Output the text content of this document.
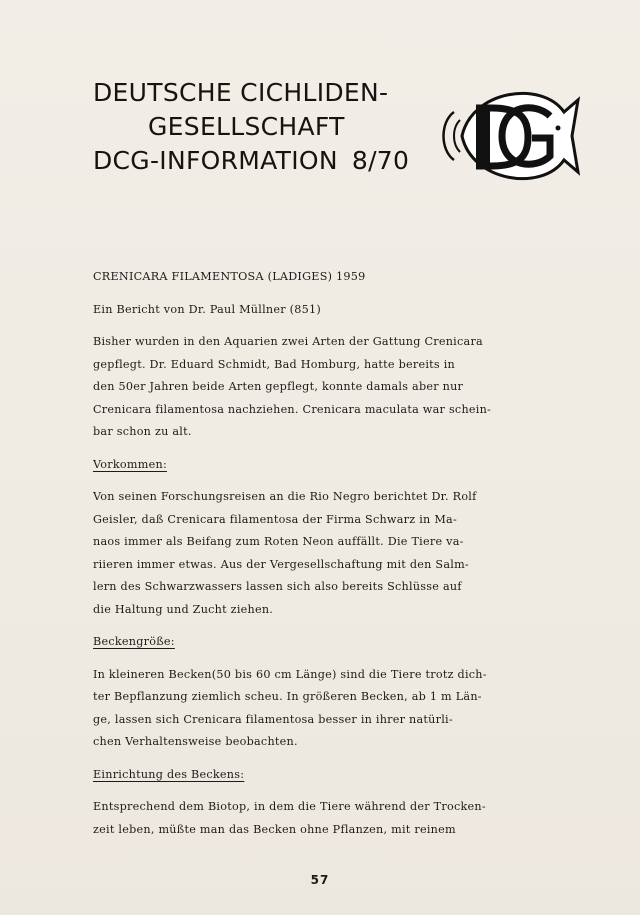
DEUTSCHE CICHLIDEN-
GESELLSCHAFT
DCG-INFORMATION 8/70
DCG
CRENICARA FILAMENTOSA (LADIGES) 1959
Ein Bericht von Dr. Paul Müllner (851)
Bisher wurden in den Aquarien zwei Arten der Gattung Crenicara
gepflegt. Dr. Eduard Schmidt, Bad Homburg, hatte bereits in
den 50er Jahren beide Arten gepflegt, konnte damals aber nur
Crenicara filamentosa nachziehen. Crenicara maculata war schein-
bar schon zu alt.
Vorkommen:
Von seinen Forschungsreisen an die Rio Negro berichtet Dr. Rolf
Geisler, daß Crenicara filamentosa der Firma Schwarz in Ma-
naos immer als Beifang zum Roten Neon auffällt. Die Tiere va-
riieren immer etwas. Aus der Vergesellschaftung mit den Salm-
lern des Schwarzwassers lassen sich also bereits Schlüsse auf
die Haltung und Zucht ziehen.
Beckengröße:
In kleineren Becken(50 bis 60 cm Länge) sind die Tiere trotz dich-
ter Bepflanzung ziemlich scheu. In größeren Becken, ab 1 m Län-
ge, lassen sich Crenicara filamentosa besser in ihrer natürli-
chen Verhaltensweise beobachten.
Einrichtung des Beckens:
Entsprechend dem Biotop, in dem die Tiere während der Trocken-
zeit leben, müßte man das Becken ohne Pflanzen, mit reinem
57
